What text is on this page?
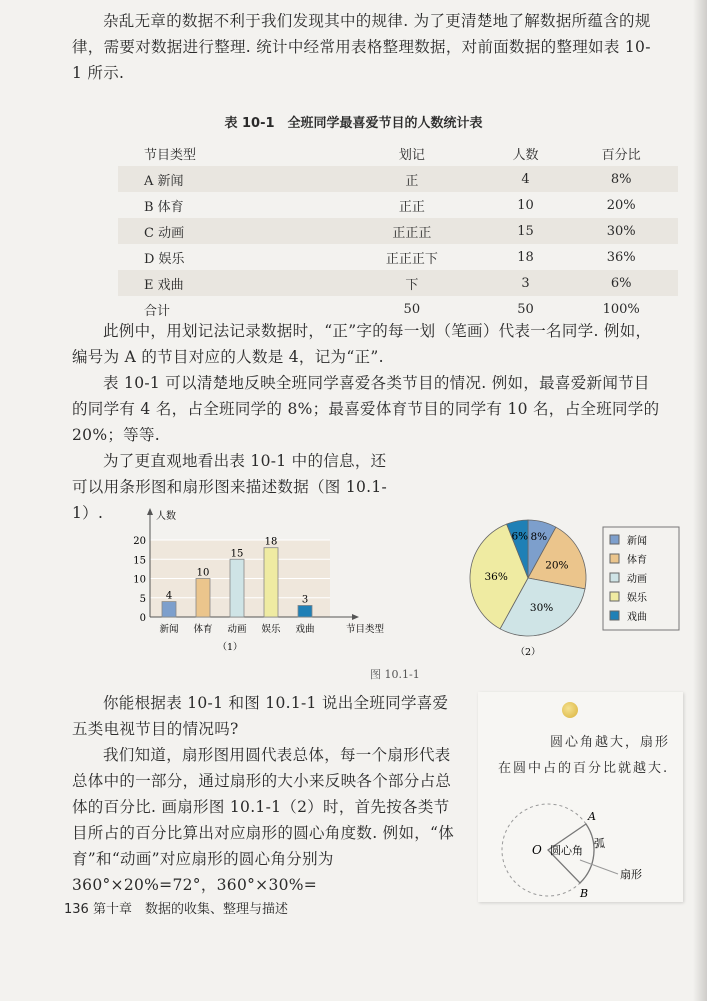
杂乱无章的数据不利于我们发现其中的规律. 为了更清楚地了解数据所蕴含的规律，需要对数据进行整理. 统计中经常用表格整理数据，对前面数据的整理如表 10-1 所示.
表 10-1　全班同学最喜爱节目的人数统计表
节目类型	划记	人数	百分比
A 新闻	正	4	8%
B 体育	正正	10	20%
C 动画	正正正	15	30%
D 娱乐	正正正下	18	36%
E 戏曲	下	3	6%
合计	50	50	100%
此例中，用划记法记录数据时，“正”字的每一划（笔画）代表一名同学. 例如，编号为 A 的节目对应的人数是 4，记为“正”.
表 10-1 可以清楚地反映全班同学喜爱各类节目的情况. 例如，最喜爱新闻节目的同学有 4 名，占全班同学的 8%；最喜爱体育节目的同学有 10 名，占全班同学的 20%；等等.
为了更直观地看出表 10-1 中的信息，还可以用条形图和扇形图来描述数据（图 10.1-1）.	人数
0
5
10
15
20
4
新闻
10
体育
15
动画
18
娱乐
3
戏曲	节目类型
（1）
8%
20%
30%
36%
6%	新闻
体育
动画
娱乐
戏曲
（2）
图 10.1-1
你能根据表 10-1 和图 10.1-1 说出全班同学喜爱五类电视节目的情况吗?
我们知道，扇形图用圆代表总体，每一个扇形代表总体中的一部分，通过扇形的大小来反映各个部分占总体的百分比. 画扇形图 10.1-1（2）时，首先按各类节目所占的百分比算出对应扇形的圆心角度数. 例如，“体育”和“动画”对应扇形的圆心角分别为 360°×20%=72°，360°×30%=
圆心角越大，扇形在圆中占的百分比就越大.
O
A
B
圆心角
弧
扇形
136 第十章　数据的收集、整理与描述
